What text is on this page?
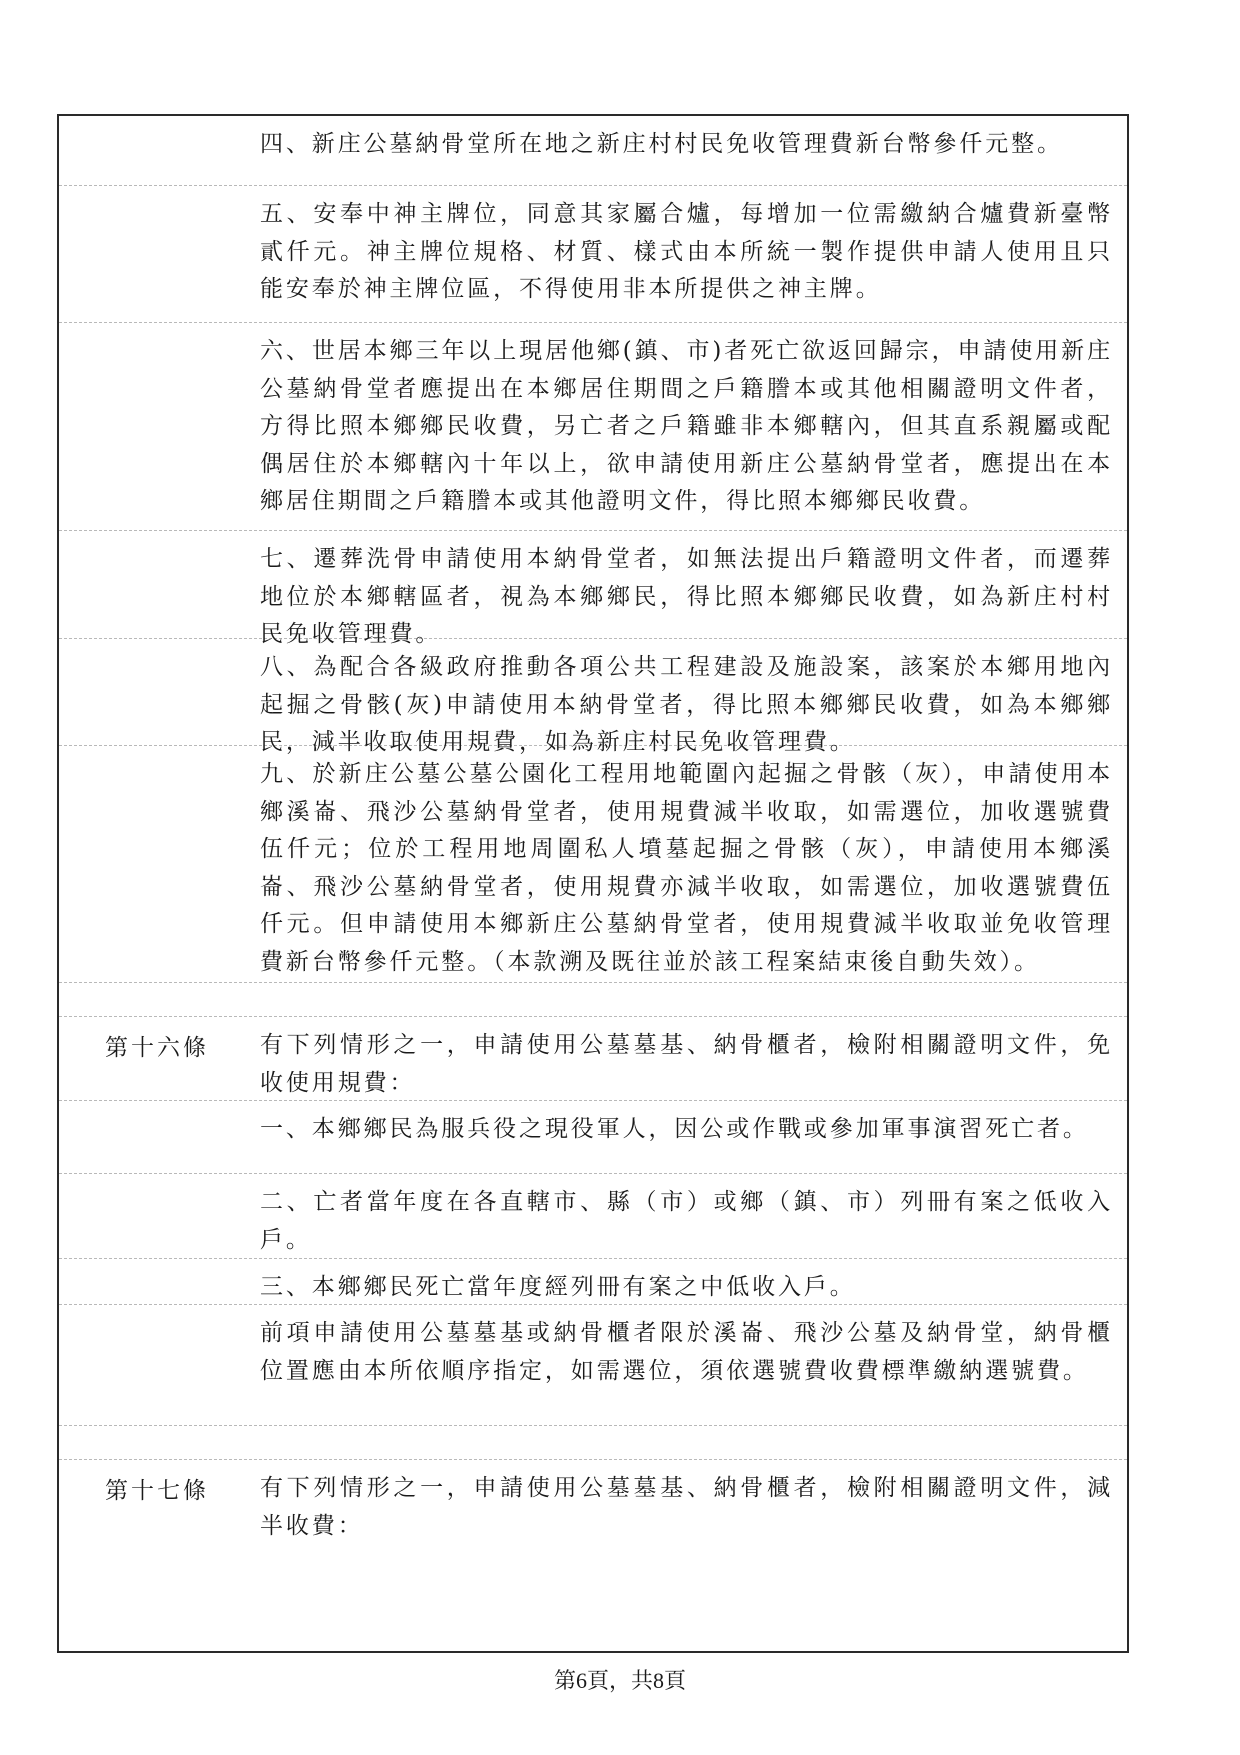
四、新庄公墓納骨堂所在地之新庄村村民免收管理費新台幣參仟元整。
五、安奉中神主牌位，同意其家屬合爐，每增加一位需繳納合爐費新臺幣貳仟元。神主牌位規格、材質、樣式由本所統一製作提供申請人使用且只能安奉於神主牌位區，不得使用非本所提供之神主牌。
六、世居本鄉三年以上現居他鄉(鎮、市)者死亡欲返回歸宗，申請使用新庄公墓納骨堂者應提出在本鄉居住期間之戶籍謄本或其他相關證明文件者，方得比照本鄉鄉民收費，另亡者之戶籍雖非本鄉轄內，但其直系親屬或配偶居住於本鄉轄內十年以上，欲申請使用新庄公墓納骨堂者，應提出在本鄉居住期間之戶籍謄本或其他證明文件，得比照本鄉鄉民收費。
七、遷葬洗骨申請使用本納骨堂者，如無法提出戶籍證明文件者，而遷葬地位於本鄉轄區者，視為本鄉鄉民，得比照本鄉鄉民收費，如為新庄村村民免收管理費。
八、為配合各級政府推動各項公共工程建設及施設案，該案於本鄉用地內起掘之骨骸(灰)申請使用本納骨堂者，得比照本鄉鄉民收費，如為本鄉鄉民，減半收取使用規費，如為新庄村民免收管理費。
九、於新庄公墓公墓公園化工程用地範圍內起掘之骨骸（灰），申請使用本鄉溪崙、飛沙公墓納骨堂者，使用規費減半收取，如需選位，加收選號費伍仟元；位於工程用地周圍私人墳墓起掘之骨骸（灰），申請使用本鄉溪崙、飛沙公墓納骨堂者，使用規費亦減半收取，如需選位，加收選號費伍仟元。但申請使用本鄉新庄公墓納骨堂者，使用規費減半收取並免收管理費新台幣參仟元整。（本款溯及既往並於該工程案結束後自動失效）。
第十六條 有下列情形之一，申請使用公墓墓基、納骨櫃者，檢附相關證明文件，免收使用規費：
一、本鄉鄉民為服兵役之現役軍人，因公或作戰或參加軍事演習死亡者。
二、亡者當年度在各直轄市、縣（市）或鄉（鎮、市）列冊有案之低收入戶。
三、本鄉鄉民死亡當年度經列冊有案之中低收入戶。
前項申請使用公墓墓基或納骨櫃者限於溪崙、飛沙公墓及納骨堂，納骨櫃位置應由本所依順序指定，如需選位，須依選號費收費標準繳納選號費。
第十七條 有下列情形之一，申請使用公墓墓基、納骨櫃者，檢附相關證明文件，減半收費：
第6頁，共8頁
